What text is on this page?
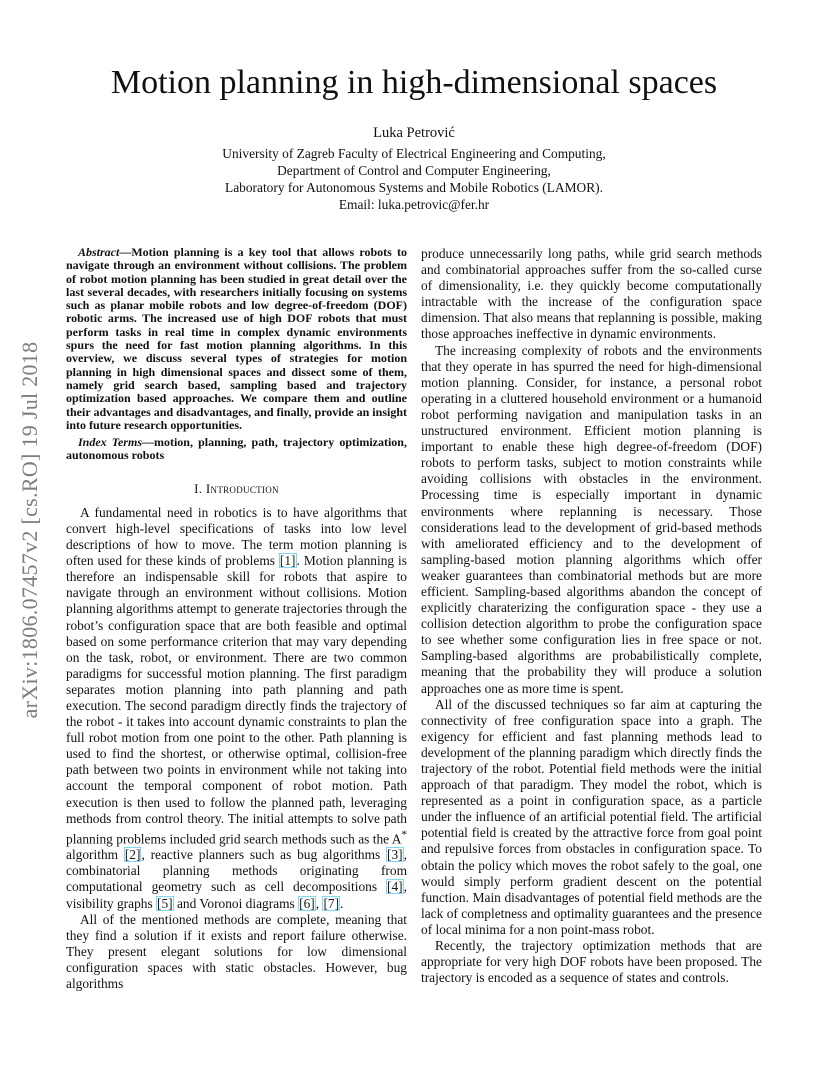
arXiv:1806.07457v2 [cs.RO] 19 Jul 2018
Motion planning in high-dimensional spaces
Luka Petrović
University of Zagreb Faculty of Electrical Engineering and Computing,
Department of Control and Computer Engineering,
Laboratory for Autonomous Systems and Mobile Robotics (LAMOR).
Email: luka.petrovic@fer.hr

Abstract—Motion planning is a key tool that allows robots to navigate through an environment without collisions. The problem of robot motion planning has been studied in great detail over the last several decades, with researchers initially focusing on systems such as planar mobile robots and low degree-of-freedom (DOF) robotic arms. The increased use of high DOF robots that must perform tasks in real time in complex dynamic environments spurs the need for fast motion planning algorithms. In this overview, we discuss several types of strategies for motion planning in high dimensional spaces and dissect some of them, namely grid search based, sampling based and trajectory optimization based approaches. We compare them and outline their advantages and disadvantages, and finally, provide an insight into future research opportunities.

Index Terms—motion, planning, path, trajectory optimization, autonomous robots

I. Introduction

A fundamental need in robotics is to have algorithms that convert high-level specifications of tasks into low level descriptions of how to move. The term motion planning is often used for these kinds of problems [1]. Motion planning is therefore an indispensable skill for robots that aspire to navigate through an environment without collisions. Motion planning algorithms attempt to generate trajectories through the robot’s configuration space that are both feasible and optimal based on some performance criterion that may vary depending on the task, robot, or environment. There are two common paradigms for successful motion planning. The first paradigm separates motion planning into path planning and path execution. The second paradigm directly finds the trajectory of the robot - it takes into account dynamic constraints to plan the full robot motion from one point to the other. Path planning is used to find the shortest, or otherwise optimal, collision-free path between two points in environment while not taking into account the temporal component of robot motion. Path execution is then used to follow the planned path, leveraging methods from control theory. The initial attempts to solve path planning problems included grid search methods such as the A* algorithm [2], reactive planners such as bug algorithms [3], combinatorial planning methods originating from computational geometry such as cell decompositions [4], visibility graphs [5] and Voronoi diagrams [6], [7].

All of the mentioned methods are complete, meaning that they find a solution if it exists and report failure otherwise. They present elegant solutions for low dimensional configuration spaces with static obstacles. However, bug algorithms

produce unnecessarily long paths, while grid search methods and combinatorial approaches suffer from the so-called curse of dimensionality, i.e. they quickly become computationally intractable with the increase of the configuration space dimension. That also means that replanning is possible, making those approaches ineffective in dynamic environments.

The increasing complexity of robots and the environments that they operate in has spurred the need for high-dimensional motion planning. Consider, for instance, a personal robot operating in a cluttered household environment or a humanoid robot performing navigation and manipulation tasks in an unstructured environment. Efficient motion planning is important to enable these high degree-of-freedom (DOF) robots to perform tasks, subject to motion constraints while avoiding collisions with obstacles in the environment. Processing time is especially important in dynamic environments where replanning is necessary. Those considerations lead to the development of grid-based methods with ameliorated efficiency and to the development of sampling-based motion planning algorithms which offer weaker guarantees than combinatorial methods but are more efficient. Sampling-based algorithms abandon the concept of explicitly charaterizing the configuration space - they use a collision detection algorithm to probe the configuration space to see whether some configuration lies in free space or not. Sampling-based algorithms are probabilistically complete, meaning that the probability they will produce a solution approaches one as more time is spent.

All of the discussed techniques so far aim at capturing the connectivity of free configuration space into a graph. The exigency for efficient and fast planning methods lead to development of the planning paradigm which directly finds the trajectory of the robot. Potential field methods were the initial approach of that paradigm. They model the robot, which is represented as a point in configuration space, as a particle under the influence of an artificial potential field. The artificial potential field is created by the attractive force from goal point and repulsive forces from obstacles in configuration space. To obtain the policy which moves the robot safely to the goal, one would simply perform gradient descent on the potential function. Main disadvantages of potential field methods are the lack of completness and optimality guarantees and the presence of local minima for a non point-mass robot.

Recently, the trajectory optimization methods that are appropriate for very high DOF robots have been proposed. The trajectory is encoded as a sequence of states and controls.
